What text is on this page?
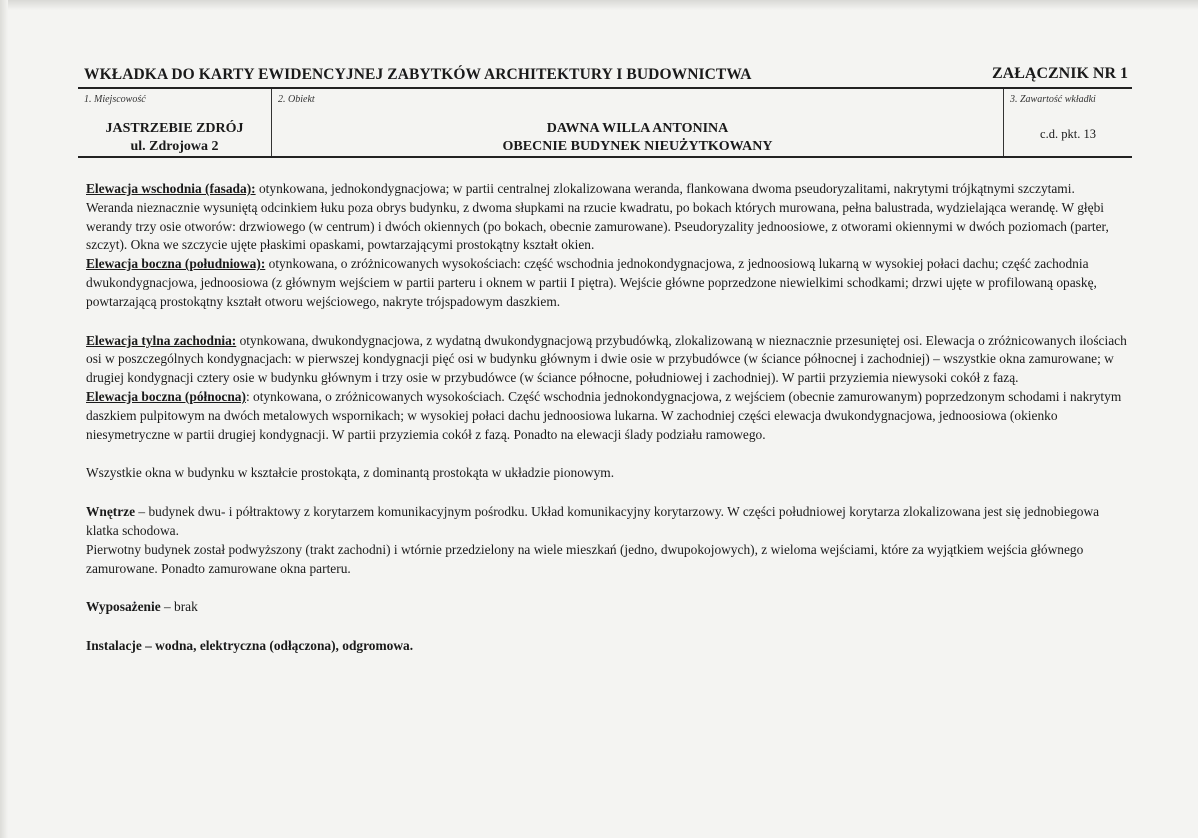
WKŁADKA DO KARTY EWIDENCYJNEJ ZABYTKÓW ARCHITEKTURY I BUDOWNICTWA	ZAŁĄCZNIK NR 1
1. Miejscowość
JASTRZEBIE ZDRÓJ
ul. Zdrojowa 2
2. Obiekt
DAWNA WILLA ANTONINA
OBECNIE BUDYNEK NIEUŻYTKOWANY
3. Zawartość wkładki
c.d. pkt. 13

Elewacja wschodnia (fasada): otynkowana, jednokondygnacjowa; w partii centralnej zlokalizowana weranda, flankowana dwoma pseudoryzalitami, nakrytymi trójkątnymi szczytami.

Weranda nieznacznie wysuniętą odcinkiem łuku poza obrys budynku, z dwoma słupkami na rzucie kwadratu, po bokach których murowana, pełna balustrada, wydzielająca werandę. W głębi werandy trzy osie otworów: drzwiowego (w centrum) i dwóch okiennych (po bokach, obecnie zamurowane). Pseudoryzality jednoosiowe, z otworami okiennymi w dwóch poziomach (parter, szczyt). Okna we szczycie ujęte płaskimi opaskami, powtarzającymi prostokątny kształt okien.

Elewacja boczna (południowa): otynkowana, o zróżnicowanych wysokościach: część wschodnia jednokondygnacjowa, z jednoosiową lukarną w wysokiej połaci dachu; część zachodnia dwukondygnacjowa, jednoosiowa (z głównym wejściem w partii parteru i oknem w partii I piętra). Wejście główne poprzedzone niewielkimi schodkami; drzwi ujęte w profilowaną opaskę, powtarzającą prostokątny kształt otworu wejściowego, nakryte trójspadowym daszkiem.

Elewacja tylna zachodnia: otynkowana, dwukondygnacjowa, z wydatną dwukondygnacjową przybudówką, zlokalizowaną w nieznacznie przesuniętej osi. Elewacja o zróżnicowanych ilościach osi w poszczególnych kondygnacjach: w pierwszej kondygnacji pięć osi w budynku głównym i dwie osie w przybudówce (w ściance północnej i zachodniej) – wszystkie okna zamurowane; w drugiej kondygnacji cztery osie w budynku głównym i trzy osie w przybudówce (w ściance północne, południowej i zachodniej). W partii przyziemia niewysoki cokół z fazą.

Elewacja boczna (północna): otynkowana, o zróżnicowanych wysokościach. Część wschodnia jednokondygnacjowa, z wejściem (obecnie zamurowanym) poprzedzonym schodami i nakrytym daszkiem pulpitowym na dwóch metalowych wspornikach; w wysokiej połaci dachu jednoosiowa lukarna. W zachodniej części elewacja dwukondygnacjowa, jednoosiowa (okienko niesymetryczne w partii drugiej kondygnacji. W partii przyziemia cokół z fazą. Ponadto na elewacji ślady podziału ramowego.

Wszystkie okna w budynku w kształcie prostokąta, z dominantą prostokąta w układzie pionowym.

Wnętrze – budynek dwu- i półtraktowy z korytarzem komunikacyjnym pośrodku. Układ komunikacyjny korytarzowy. W części południowej korytarza zlokalizowana jest się jednobiegowa klatka schodowa.

Pierwotny budynek został podwyższony (trakt zachodni) i wtórnie przedzielony na wiele mieszkań (jedno, dwupokojowych), z wieloma wejściami, które za wyjątkiem wejścia głównego zamurowane. Ponadto zamurowane okna parteru.

Wyposażenie – brak

Instalacje – wodna, elektryczna (odłączona), odgromowa.
